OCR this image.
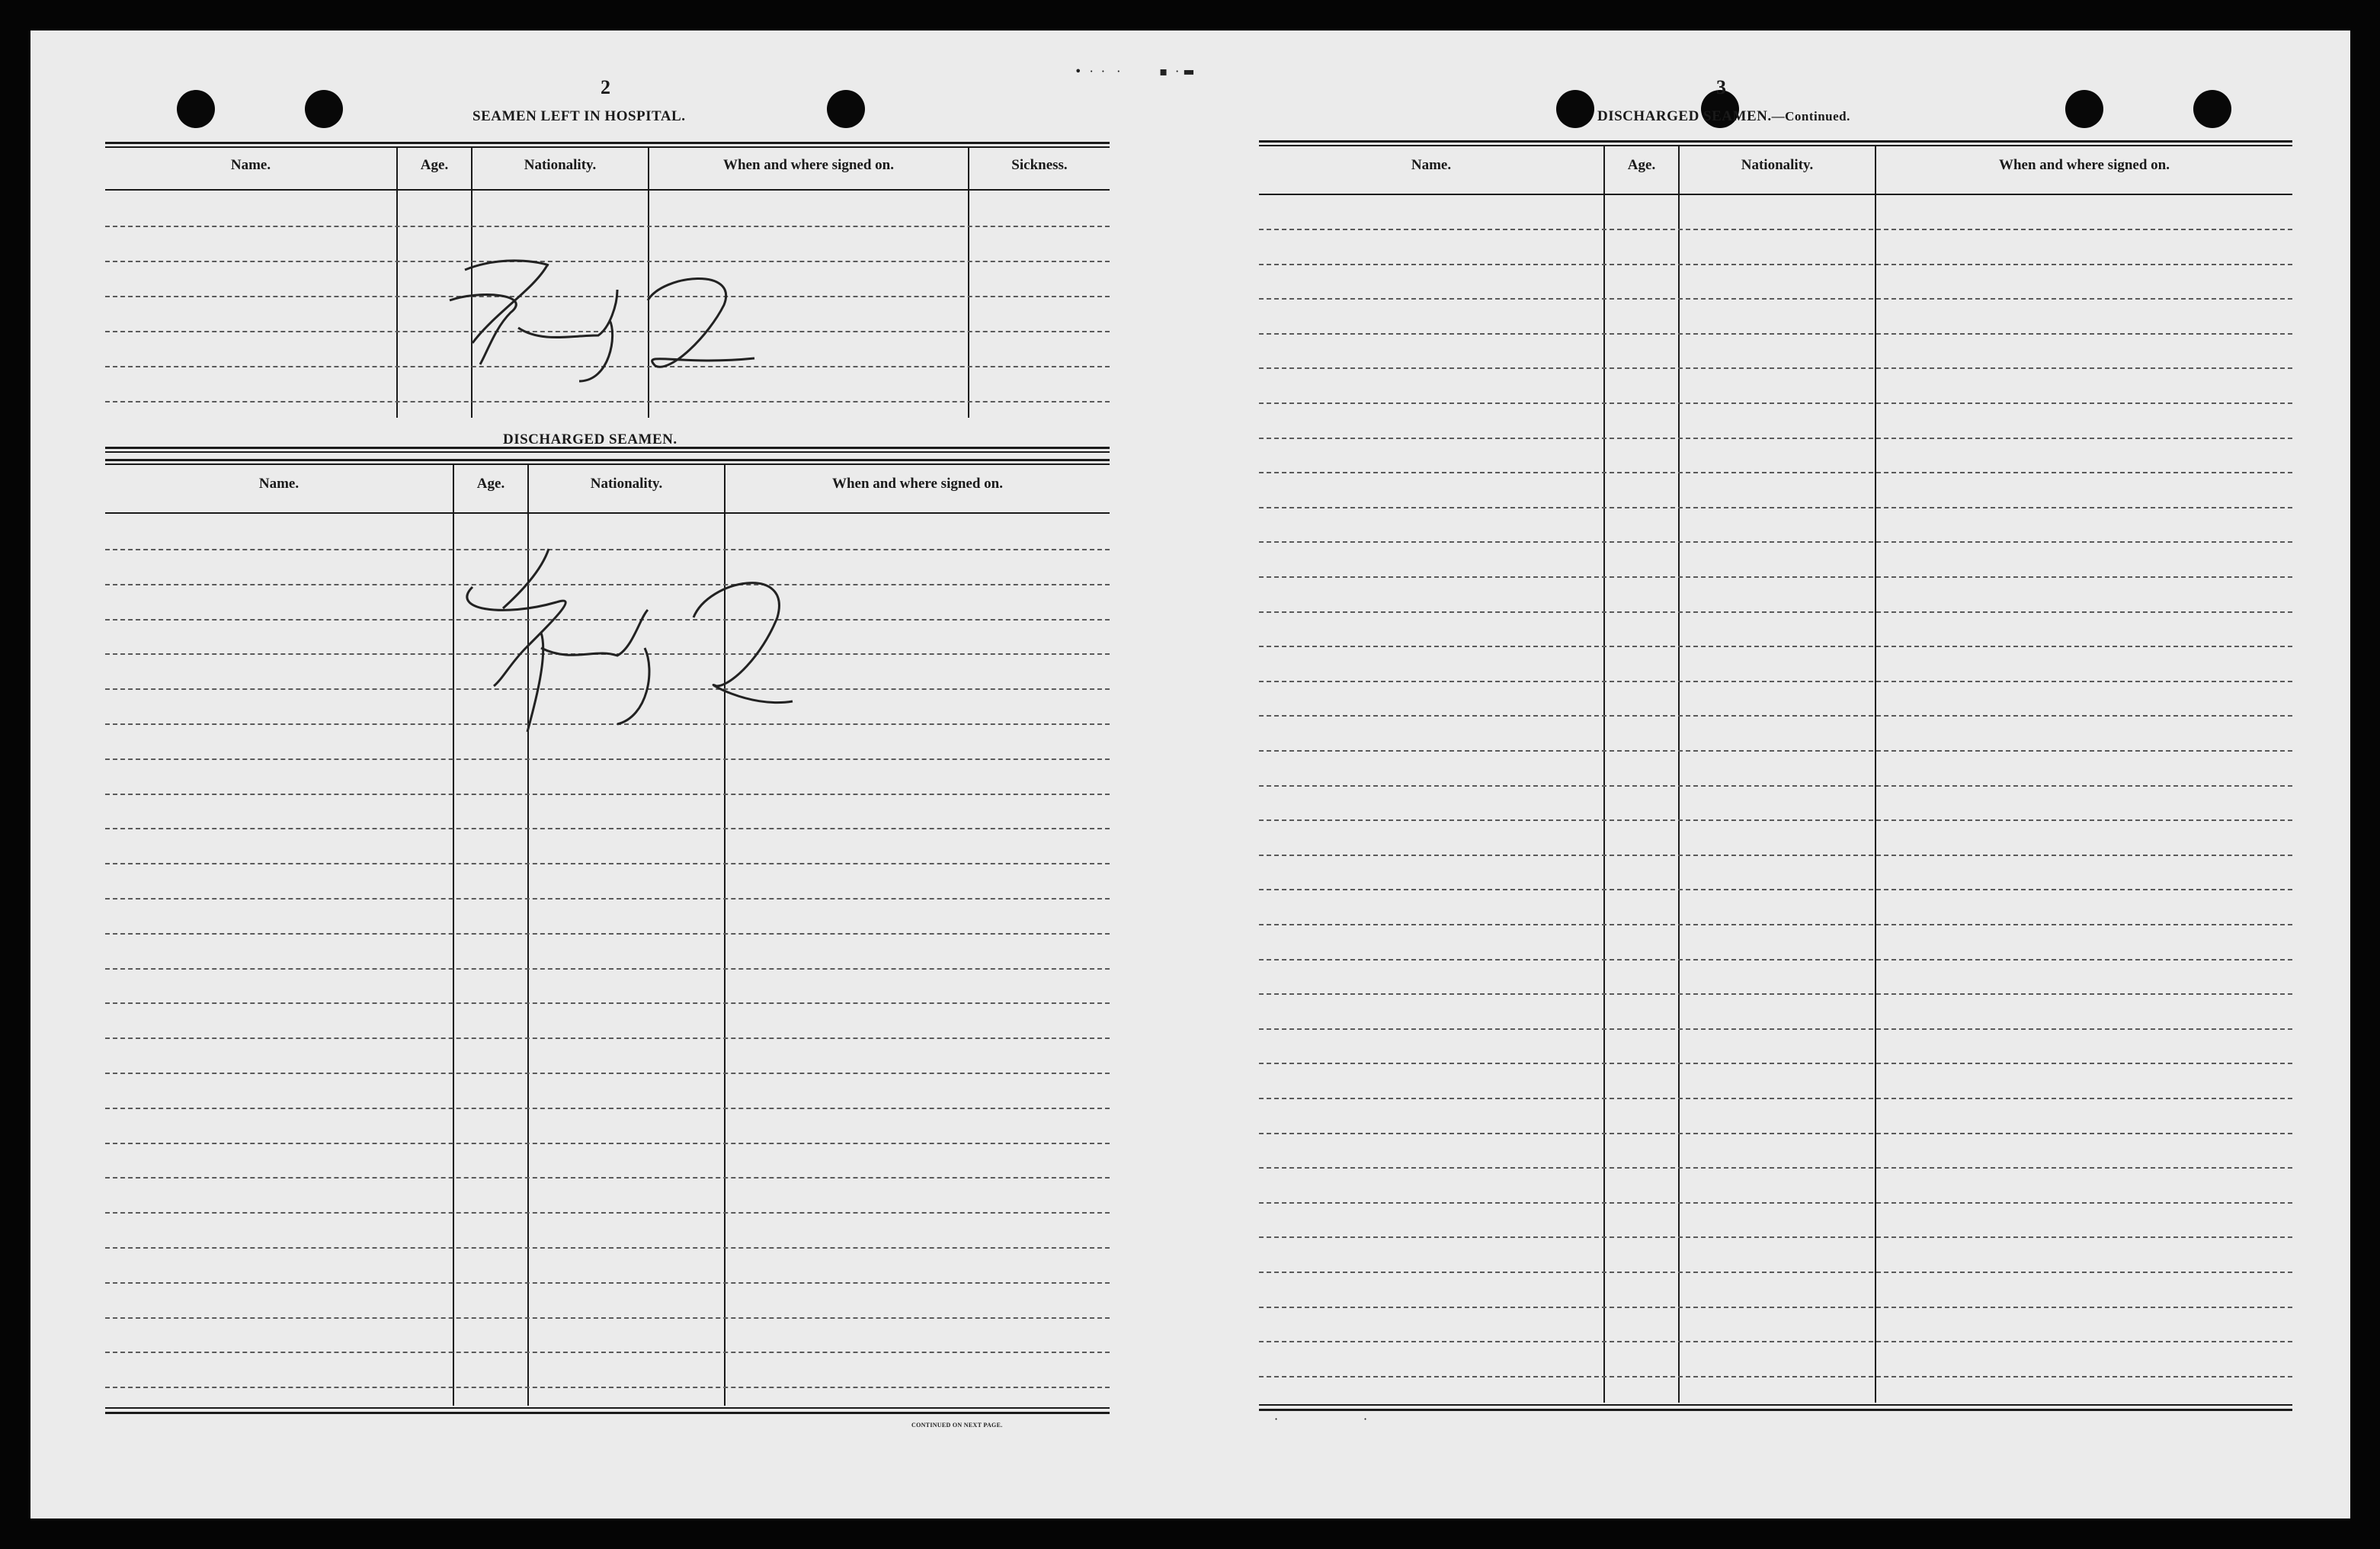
•  ·  ·   ·          ▪  · ▬
2
SEAMEN LEFT IN HOSPITAL.
Name.	Age.	Nationality.	When and where signed on.	Sickness.
DISCHARGED SEAMEN.
Name.	Age.	Nationality.	When and where signed on.
CONTINUED ON NEXT PAGE.
3
DISCHARGED SEAMEN.—Continued.
Name.	Age.	Nationality.	When and where signed on.
·                      ·
